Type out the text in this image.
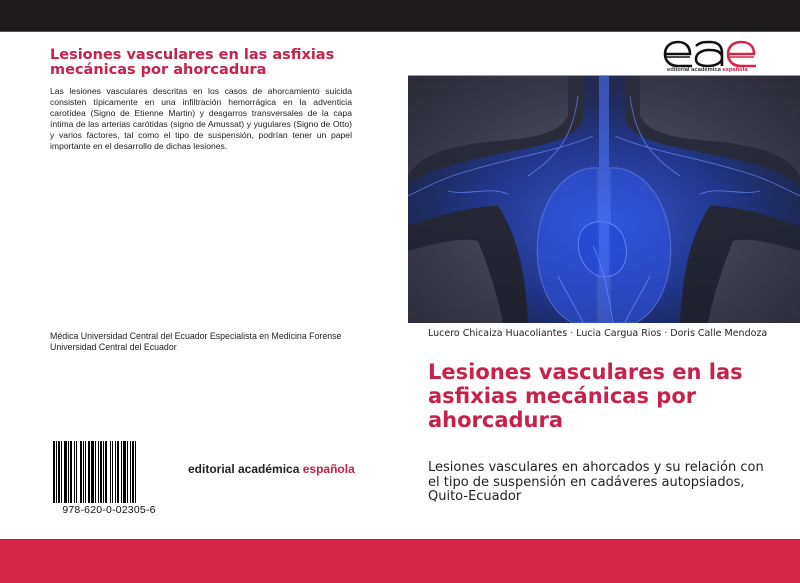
Lesiones vasculares en las asfixias mecánicas por ahorcadura
Las lesiones vasculares descritas en los casos de ahorcamiento suicida consisten típicamente en una infiltración hemorrágica en la adventicia carotídea (Signo de Etienne Martin) y desgarros transversales de la capa íntima de las arterias carótidas (signo de Amussat) y yugulares (Signo de Otto) y varios factores, tal como el tipo de suspensión, podrían tener un papel importante en el desarrollo de dichas lesiones.
Médica Universidad Central del Ecuador Especialista en Medicina Forense Universidad Central del Ecuador
978-620-0-02305-6
editorial académica española
editorial académica española
Lucero Chicaiza Huacoliantes · Lucia Cargua Rios · Doris Calle Mendoza
Lesiones vasculares en las asfixias mecánicas por ahorcadura
Lesiones vasculares en ahorcados y su relación con el tipo de suspensión en cadáveres autopsiados, Quito-Ecuador
